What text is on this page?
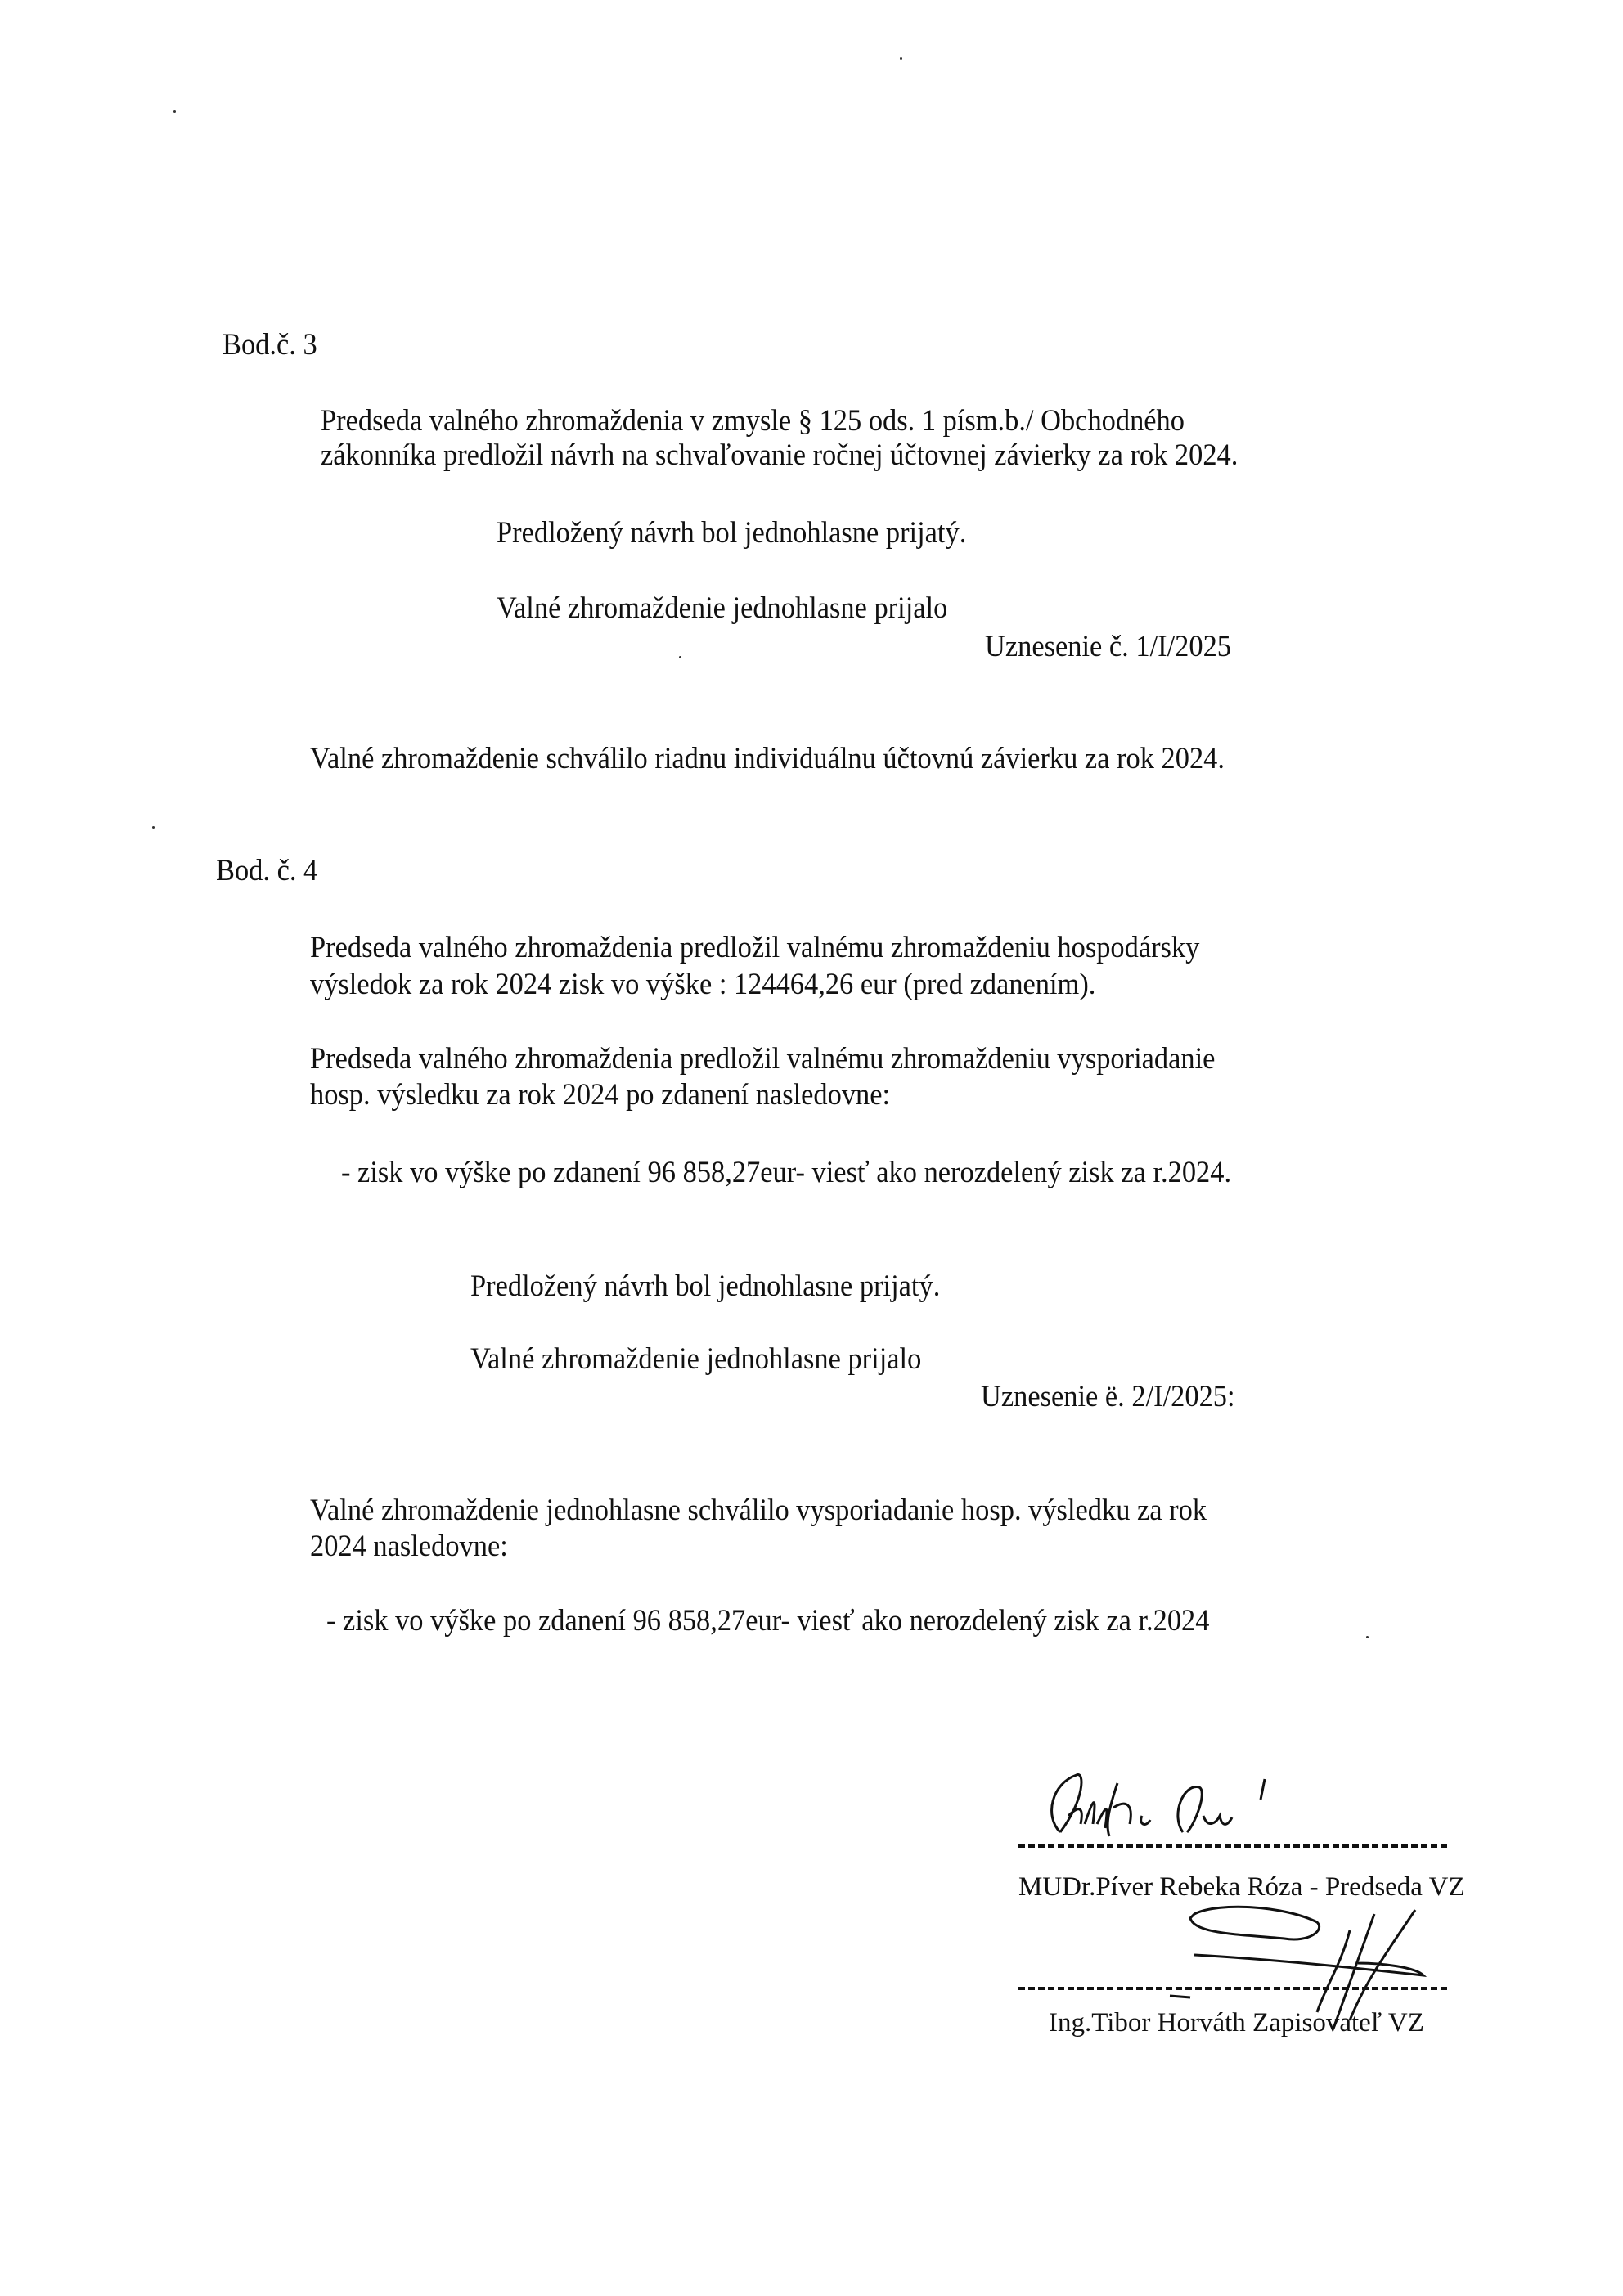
Bod.č. 3
Predseda valného zhromaždenia v zmysle § 125 ods. 1 písm.b./ Obchodného
zákonníka predložil návrh na schvaľovanie ročnej účtovnej závierky za rok 2024.
Predložený návrh bol jednohlasne prijatý.
Valné zhromaždenie jednohlasne prijalo
Uznesenie č. 1/I/2025
Valné zhromaždenie schválilo riadnu individuálnu účtovnú závierku za rok 2024.
Bod. č. 4
Predseda valného zhromaždenia predložil valnému zhromaždeniu hospodársky
výsledok za rok 2024 zisk vo výške : 124464,26 eur (pred zdanením).
Predseda valného zhromaždenia predložil valnému zhromaždeniu vysporiadanie
hosp. výsledku za rok 2024 po zdanení nasledovne:
- zisk vo výške po zdanení 96 858,27eur- viesť ako nerozdelený zisk za r.2024.
Predložený návrh bol jednohlasne prijatý.
Valné zhromaždenie jednohlasne prijalo
Uznesenie ë. 2/I/2025:
Valné zhromaždenie jednohlasne schválilo vysporiadanie hosp. výsledku za rok
2024 nasledovne:
- zisk vo výške po zdanení 96 858,27eur- viesť ako nerozdelený zisk za r.2024
MUDr.Píver Rebeka Róza - Predseda VZ
Ing.Tibor Horváth Zapisovateľ VZ
